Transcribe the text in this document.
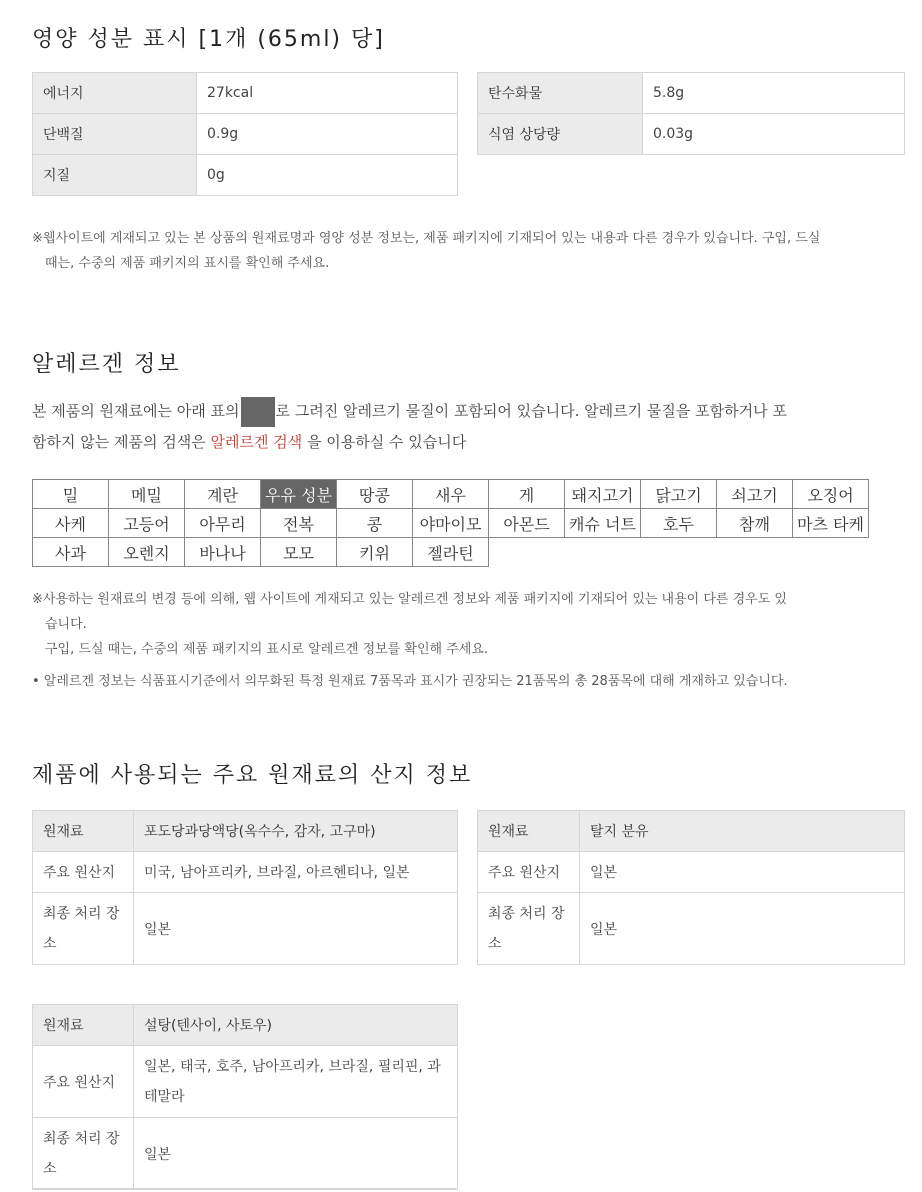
영양 성분 표시 [1개 (65ml) 당]
에너지	27kcal
단백질	0.9g
지질	0g
탄수화물	5.8g
식염 상당량	0.03g

※웹사이트에 게재되고 있는 본 상품의 원재료명과 영양 성분 정보는, 제품 패키지에 기재되어 있는 내용과 다른 경우가 있습니다. 구입, 드실
때는, 수중의 제품 패키지의 표시를 확인해 주세요.

알레르겐 정보

본 제품의 원재료에는 아래 표의 로 그려진 알레르기 물질이 포함되어 있습니다. 알레르기 물질을 포함하거나 포
함하지 않는 제품의 검색은 알레르겐 검색 을 이용하실 수 있습니다

밀	메밀	계란	우유 성분	땅콩	새우	게	돼지고기	닭고기	쇠고기	오징어
사케	고등어	아무리	전복	콩	야마이모	아몬드	캐슈 너트	호두	참깨	마츠 타케
사과	오렌지	바나나	모모	키위	젤라틴					

※사용하는 원재료의 변경 등에 의해, 웹 사이트에 게재되고 있는 알레르겐 정보와 제품 패키지에 기재되어 있는 내용이 다른 경우도 있
습니다.
구입, 드실 때는, 수중의 제품 패키지의 표시로 알레르겐 정보를 확인해 주세요.

• 알레르겐 정보는 식품표시기준에서 의무화된 특정 원재료 7품목과 표시가 권장되는 21품목의 총 28품목에 대해 게재하고 있습니다.

제품에 사용되는 주요 원재료의 산지 정보
원재료	포도당과당액당(옥수수, 감자, 고구마)
주요 원산지	미국, 남아프리카, 브라질, 아르헨티나, 일본
최종 처리 장소	일본
원재료	탈지 분유
주요 원산지	일본
최종 처리 장소	일본
원재료	설탕(텐사이, 사토우)
주요 원산지	일본, 태국, 호주, 남아프리카, 브라질, 필리핀, 과테말라
최종 처리 장소	일본
